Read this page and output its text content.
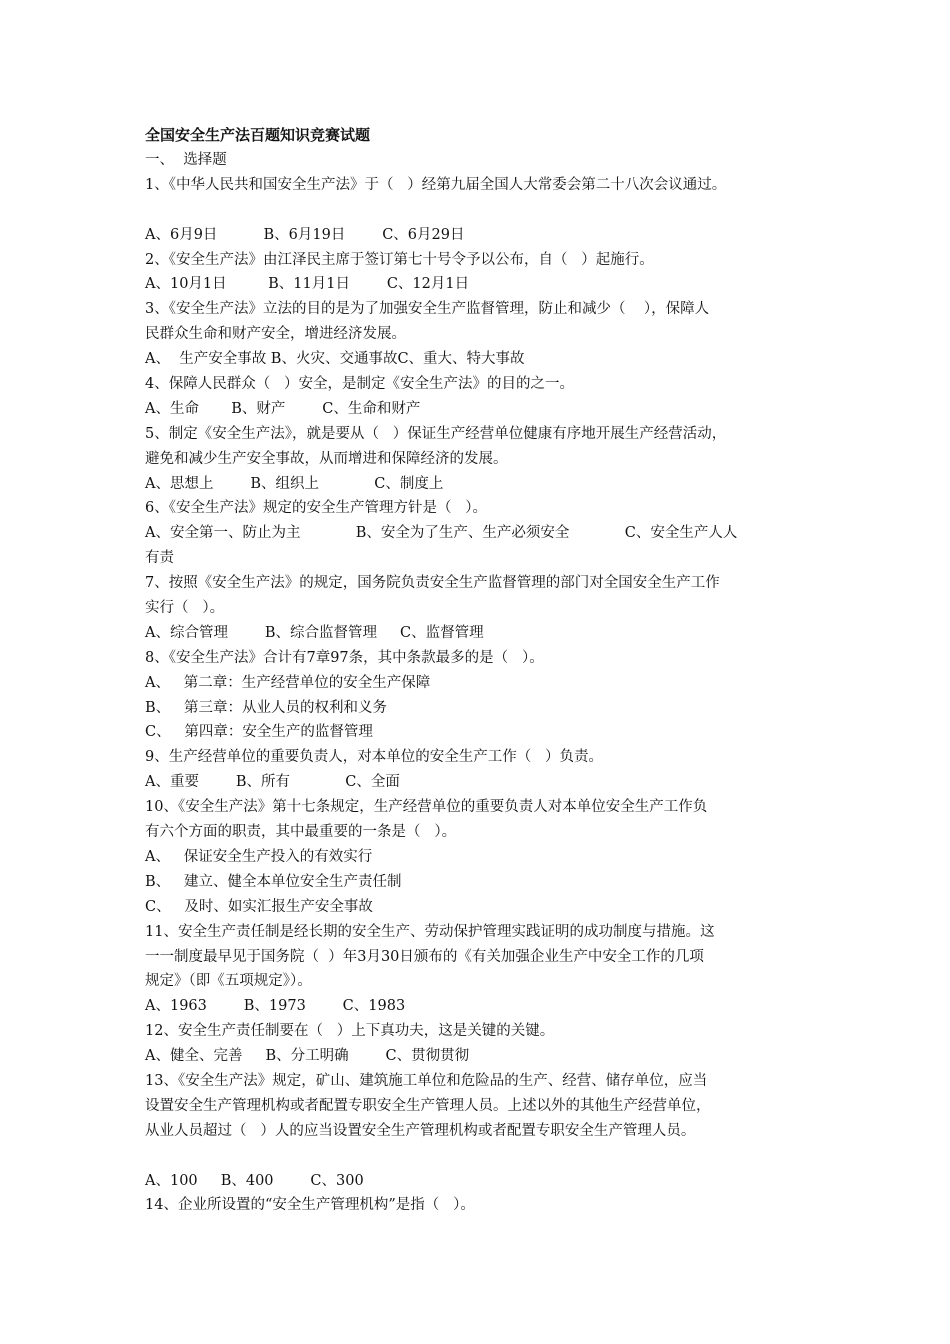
全国安全生产法百题知识竞赛试题
一、  选择题
1、《中华人民共和国安全生产法》于（   ）经第九届全国人大常委会第二十八次会议通过。
A、6月9日          B、6月19日        C、6月29日
2、《安全生产法》由江泽民主席于签订第七十号令予以公布，自（   ）起施行。
A、10月1日         B、11月1日        C、12月1日
3、《安全生产法》立法的目的是为了加强安全生产监督管理，防止和减少（    ），保障人
民群众生命和财产安全，增进经济发展。
A、  生产安全事故 B、火灾、交通事故C、重大、特大事故
4、保障人民群众（   ）安全，是制定《安全生产法》的目的之一。
A、生命       B、财产        C、生命和财产
5、制定《安全生产法》，就是要从（   ）保证生产经营单位健康有序地开展生产经营活动，
避免和减少生产安全事故，从而增进和保障经济的发展。
A、思想上        B、组织上            C、制度上
6、《安全生产法》规定的安全生产管理方针是（   ）。
A、安全第一、防止为主            B、安全为了生产、生产必须安全            C、安全生产人人
有责
7、按照《安全生产法》的规定，国务院负责安全生产监督管理的部门对全国安全生产工作
实行（   ）。
A、综合管理        B、综合监督管理     C、监督管理
8、《安全生产法》合计有7章97条，其中条款最多的是（   ）。
A、   第二章：生产经营单位的安全生产保障
B、   第三章：从业人员的权利和义务
C、   第四章：安全生产的监督管理
9、生产经营单位的重要负责人，对本单位的安全生产工作（   ）负责。
A、重要        B、所有            C、全面
10、《安全生产法》第十七条规定，生产经营单位的重要负责人对本单位安全生产工作负
有六个方面的职责，其中最重要的一条是（   ）。
A、   保证安全生产投入的有效实行
B、   建立、健全本单位安全生产责任制
C、   及时、如实汇报生产安全事故
11、安全生产责任制是经长期的安全生产、劳动保护管理实践证明的成功制度与措施。这
一一制度最早见于国务院（  ）年3月30日颁布的《有关加强企业生产中安全工作的几项
规定》（即《五项规定》）。
A、1963        B、1973        C、1983
12、安全生产责任制要在（   ）上下真功夫，这是关键的关键。
A、健全、完善     B、分工明确        C、贯彻贯彻
13、《安全生产法》规定，矿山、建筑施工单位和危险品的生产、经营、储存单位，应当
设置安全生产管理机构或者配置专职安全生产管理人员。上述以外的其他生产经营单位，
从业人员超过（   ）人的应当设置安全生产管理机构或者配置专职安全生产管理人员。
A、100     B、400        C、300
14、企业所设置的“安全生产管理机构”是指（   ）。
